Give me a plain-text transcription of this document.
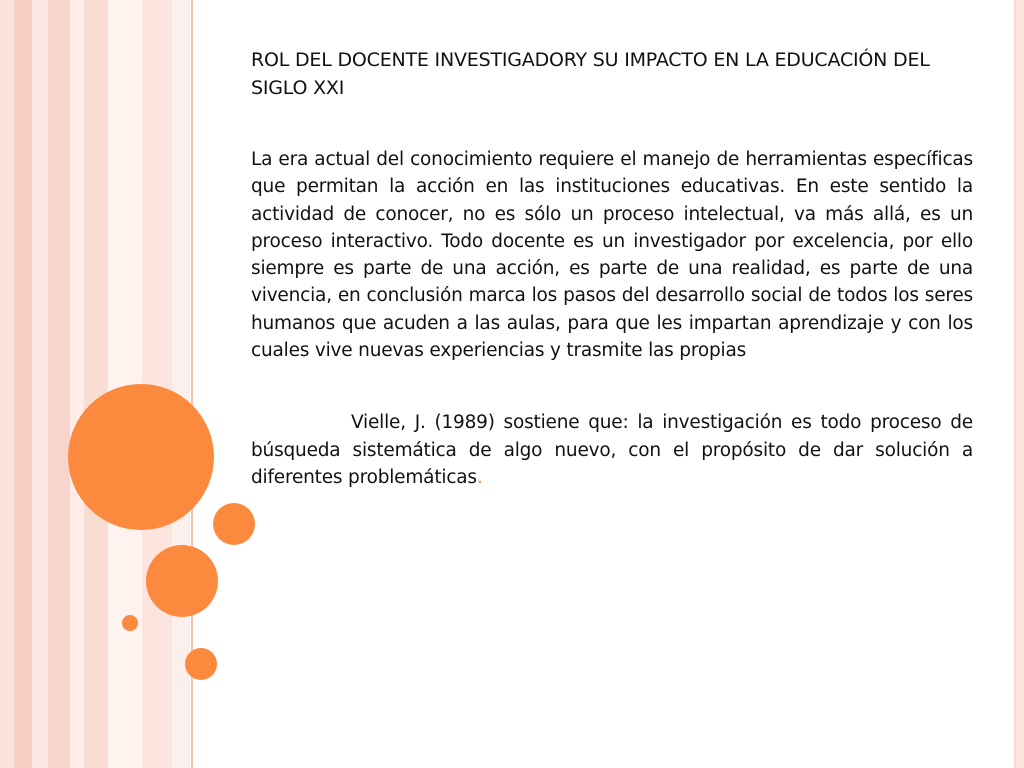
ROL DEL DOCENTE INVESTIGADORY SU IMPACTO EN LA EDUCACIÓN DEL SIGLO XXI

La era actual del conocimiento requiere el manejo de herramientas específicas que permitan la acción en las instituciones educativas. En este sentido la actividad de conocer, no es sólo un proceso intelectual, va más allá, es un proceso interactivo. Todo docente es un investigador por excelencia, por ello siempre es parte de una acción, es parte de una realidad, es parte de una vivencia, en conclusión marca los pasos del desarrollo social de todos los seres humanos que acuden a las aulas, para que les impartan aprendizaje y con los cuales vive nuevas experiencias y trasmite las propias

Vielle, J. (1989) sostiene que: la investigación es todo proceso de búsqueda sistemática de algo nuevo, con el propósito de dar solución a diferentes problemáticas.
